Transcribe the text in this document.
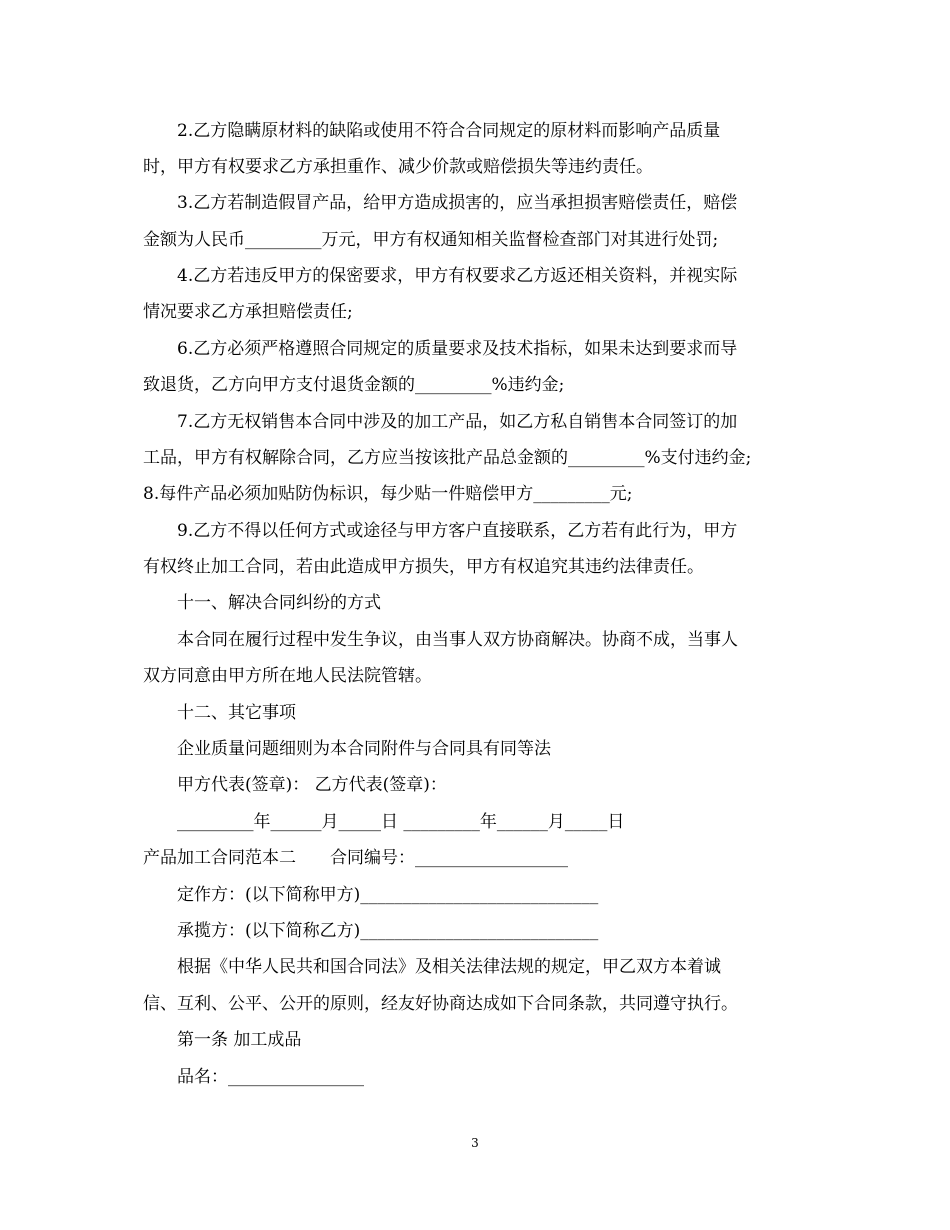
2.乙方隐瞒原材料的缺陷或使用不符合合同规定的原材料而影响产品质量
时，甲方有权要求乙方承担重作、减少价款或赔偿损失等违约责任。
3.乙方若制造假冒产品，给甲方造成损害的，应当承担损害赔偿责任，赔偿
金额为人民币_________万元，甲方有权通知相关监督检查部门对其进行处罚;
4.乙方若违反甲方的保密要求，甲方有权要求乙方返还相关资料，并视实际
情况要求乙方承担赔偿责任;
6.乙方必须严格遵照合同规定的质量要求及技术指标，如果未达到要求而导
致退货，乙方向甲方支付退货金额的_________%违约金;
7.乙方无权销售本合同中涉及的加工产品，如乙方私自销售本合同签订的加
工品，甲方有权解除合同，乙方应当按该批产品总金额的_________%支付违约金;
8.每件产品必须加贴防伪标识，每少贴一件赔偿甲方_________元;
9.乙方不得以任何方式或途径与甲方客户直接联系，乙方若有此行为，甲方
有权终止加工合同，若由此造成甲方损失，甲方有权追究其违约法律责任。
十一、解决合同纠纷的方式
本合同在履行过程中发生争议，由当事人双方协商解决。协商不成，当事人
双方同意由甲方所在地人民法院管辖。
十二、其它事项
企业质量问题细则为本合同附件与合同具有同等法
甲方代表(签章)： 乙方代表(签章)：
_________年______月_____日 _________年______月_____日
产品加工合同范本二　　合同编号：__________________
定作方：(以下简称甲方)____________________________
承揽方：(以下简称乙方)____________________________
根据《中华人民共和国合同法》及相关法律法规的规定，甲乙双方本着诚
信、互利、公平、公开的原则，经友好协商达成如下合同条款，共同遵守执行。
第一条 加工成品
品名：________________
3
